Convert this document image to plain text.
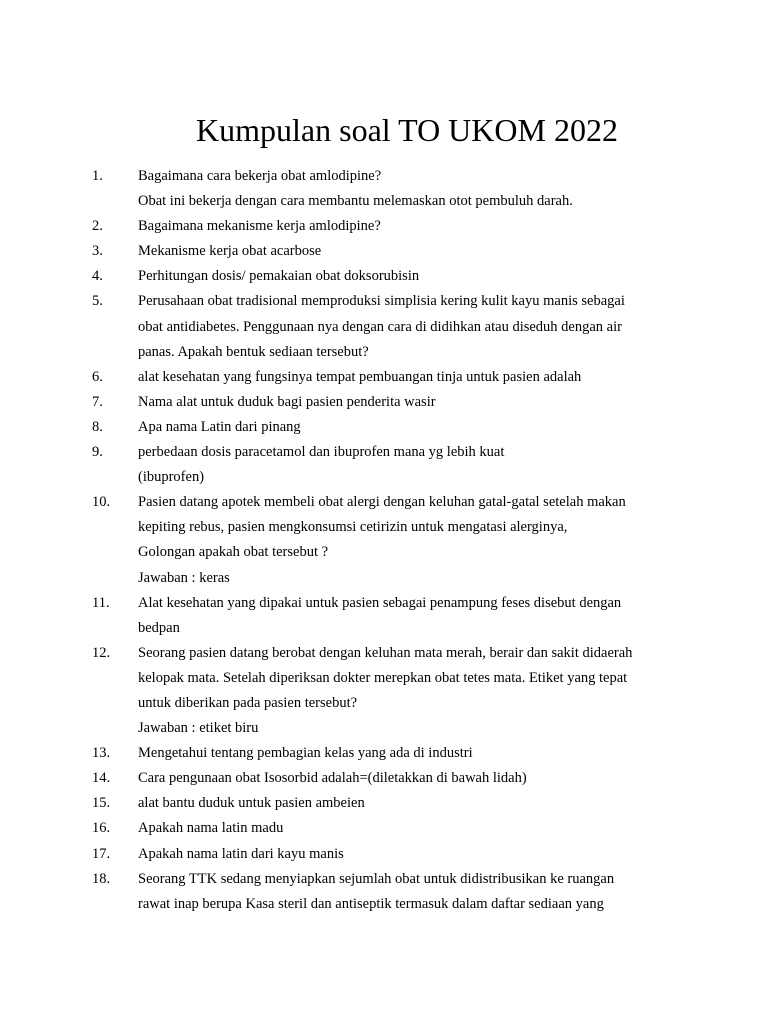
Kumpulan soal TO UKOM 2022
1. Bagaimana cara bekerja obat amlodipine?
Obat ini bekerja dengan cara membantu melemaskan otot pembuluh darah.
2. Bagaimana mekanisme kerja amlodipine?
3. Mekanisme kerja obat acarbose
4. Perhitungan dosis/ pemakaian obat doksorubisin
5. Perusahaan obat tradisional memproduksi simplisia kering kulit kayu manis sebagai
obat antidiabetes. Penggunaan nya dengan cara di didihkan atau diseduh dengan air
panas. Apakah bentuk sediaan tersebut?
6. alat kesehatan yang fungsinya tempat pembuangan tinja untuk pasien adalah
7. Nama alat untuk duduk bagi pasien penderita wasir
8. Apa nama Latin dari pinang
9. perbedaan dosis paracetamol dan ibuprofen mana yg lebih kuat
(ibuprofen)
10. Pasien datang apotek membeli obat alergi dengan keluhan gatal-gatal setelah makan
kepiting rebus, pasien mengkonsumsi cetirizin untuk mengatasi alerginya,
Golongan apakah obat tersebut ?
Jawaban : keras
11. Alat kesehatan yang dipakai untuk pasien sebagai penampung feses disebut dengan
bedpan
12. Seorang pasien datang berobat dengan keluhan mata merah, berair dan sakit didaerah
kelopak mata. Setelah diperiksan dokter merepkan obat tetes mata. Etiket yang tepat
untuk diberikan pada pasien tersebut?
Jawaban : etiket biru
13. Mengetahui tentang pembagian kelas yang ada di industri
14. Cara pengunaan obat Isosorbid adalah=(diletakkan di bawah lidah)
15. alat bantu duduk untuk pasien ambeien
16. Apakah nama latin madu
17. Apakah nama latin dari kayu manis
18. Seorang TTK sedang menyiapkan sejumlah obat untuk didistribusikan ke ruangan
rawat inap berupa Kasa steril dan antiseptik termasuk dalam daftar sediaan yang
